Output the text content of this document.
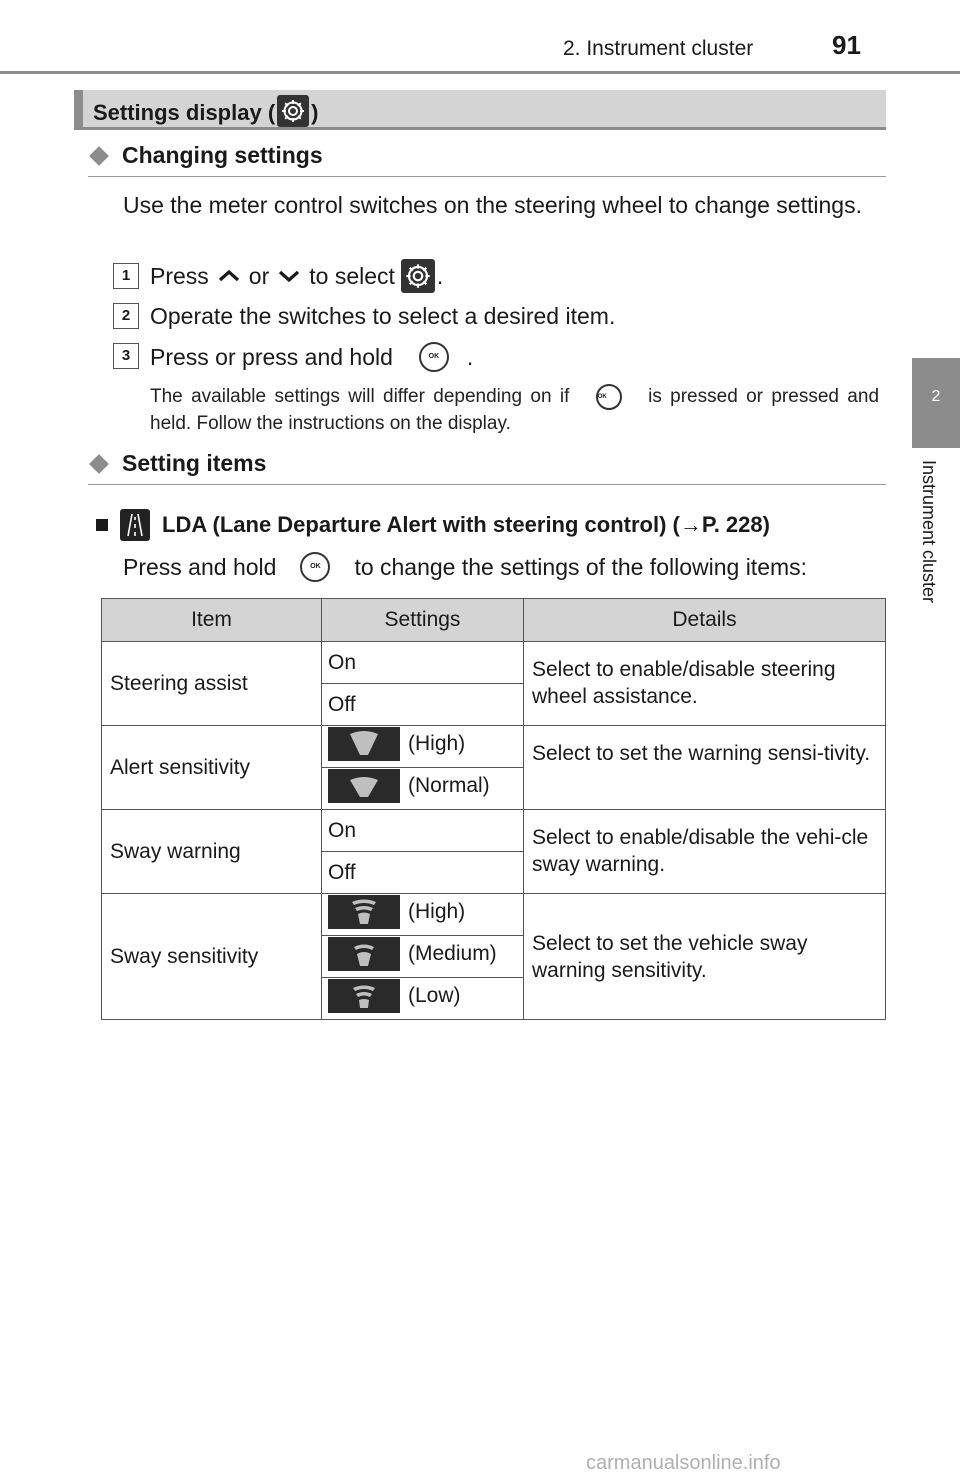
2. Instrument cluster	91
2
Instrument cluster
Settings display ( )
Changing settings
Use the meter control switches on the steering wheel to change settings.
1 Press or to select .
2 Operate the switches to select a desired item.
3 Press or press and hold	OK	.
The available settings will differ depending on if	OK is pressed or pressed and held. Follow the instructions on the display.
Setting items
LDA (Lane Departure Alert with steering control) ( → P. 228)
Press and hold	OK	to change the settings of the following items:
Item	Settings	Details
Steering assist	On	Select to enable/disable steering wheel assistance.
	Off	
Alert sensitivity	(High)	Select to set the warning sensi-tivity.

	(Normal)	

Sway warning	On	Select to enable/disable the vehi-cle sway warning.
	Off	
Sway sensitivity	(High)	Select to set the vehicle sway warning sensitivity.

	(Medium)	

	(Low)	
carmanualsonline.info
